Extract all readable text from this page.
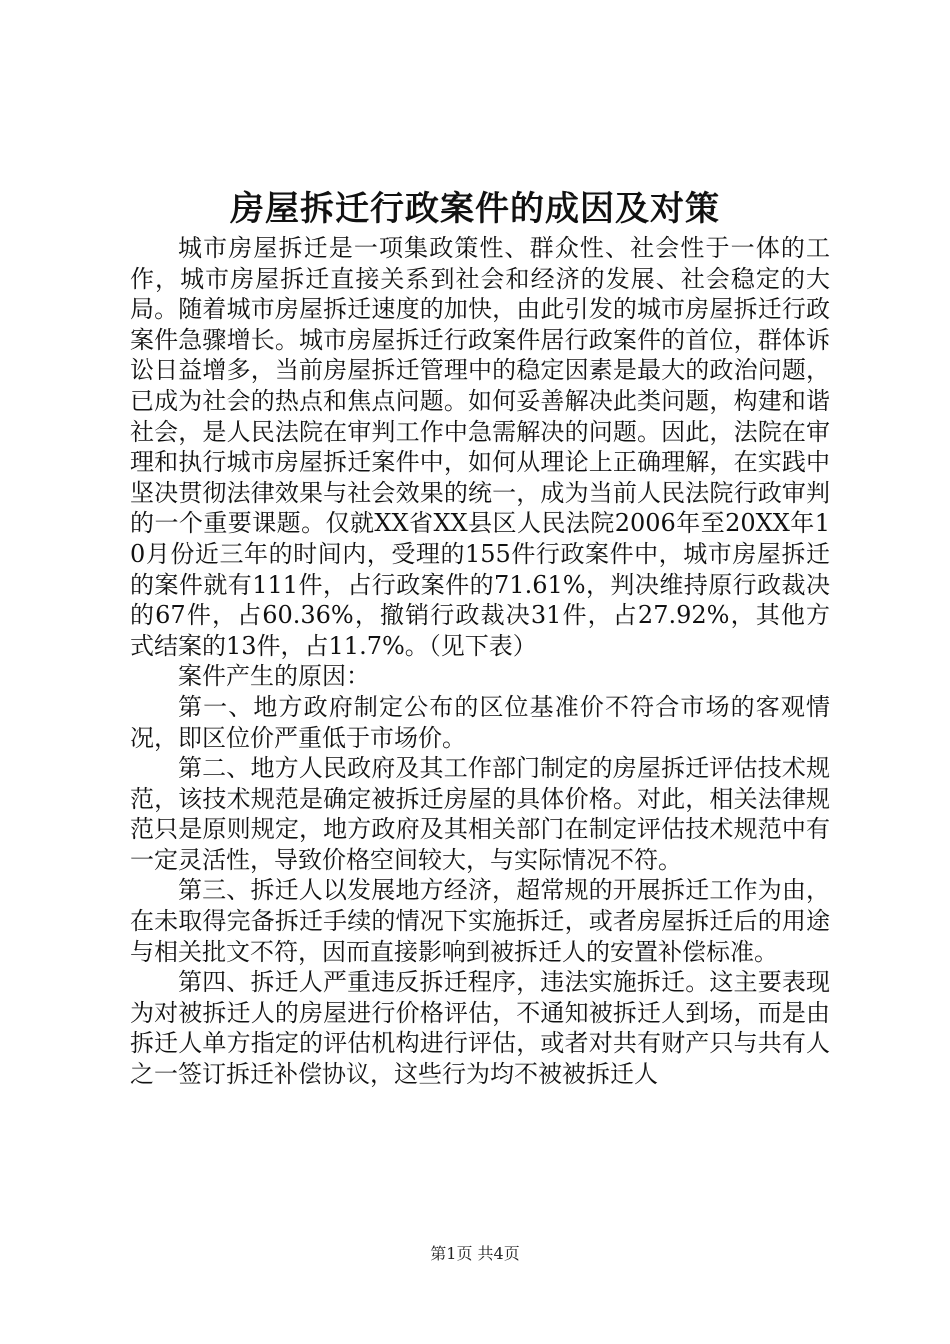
房屋拆迁行政案件的成因及对策

城市房屋拆迁是一项集政策性、群众性、社会性于一体的工作，城市房屋拆迁直接关系到社会和经济的发展、社会稳定的大局。随着城市房屋拆迁速度的加快，由此引发的城市房屋拆迁行政案件急骤增长。城市房屋拆迁行政案件居行政案件的首位，群体诉讼日益增多，当前房屋拆迁管理中的稳定因素是最大的政治问题，已成为社会的热点和焦点问题。如何妥善解决此类问题，构建和谐社会，是人民法院在审判工作中急需解决的问题。因此，法院在审理和执行城市房屋拆迁案件中，如何从理论上正确理解，在实践中坚决贯彻法律效果与社会效果的统一，成为当前人民法院行政审判的一个重要课题。仅就XX省XX县区人民法院2006年至20XX年10月份近三年的时间内，受理的155件行政案件中，城市房屋拆迁的案件就有111件，占行政案件的71.61%，判决维持原行政裁决的67件，占60.36%，撤销行政裁决31件，占27.92%，其他方式结案的13件，占11.7%。（见下表）

案件产生的原因：

第一、地方政府制定公布的区位基准价不符合市场的客观情况，即区位价严重低于市场价。

第二、地方人民政府及其工作部门制定的房屋拆迁评估技术规范，该技术规范是确定被拆迁房屋的具体价格。对此，相关法律规范只是原则规定，地方政府及其相关部门在制定评估技术规范中有一定灵活性，导致价格空间较大，与实际情况不符。

第三、拆迁人以发展地方经济，超常规的开展拆迁工作为由，在未取得完备拆迁手续的情况下实施拆迁，或者房屋拆迁后的用途与相关批文不符，因而直接影响到被拆迁人的安置补偿标准。

第四、拆迁人严重违反拆迁程序，违法实施拆迁。这主要表现为对被拆迁人的房屋进行价格评估，不通知被拆迁人到场，而是由拆迁人单方指定的评估机构进行评估，或者对共有财产只与共有人之一签订拆迁补偿协议，这些行为均不被被拆迁人

第1页 共4页
